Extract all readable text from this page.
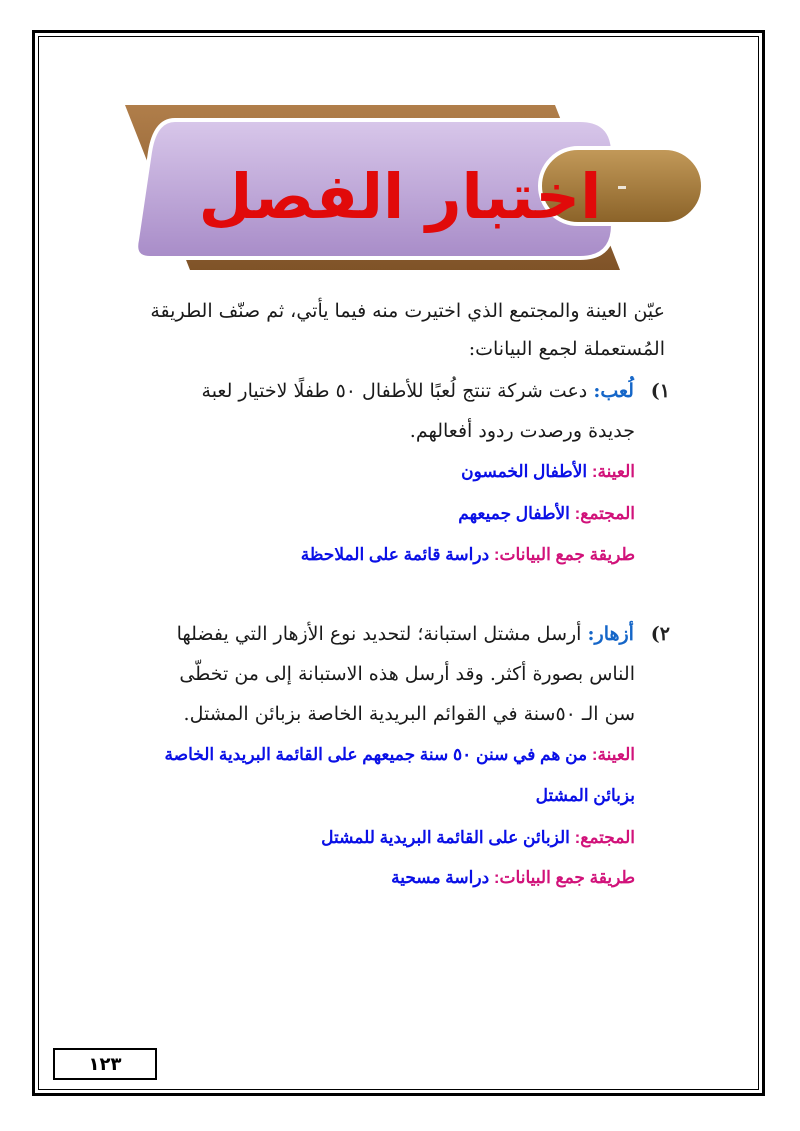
اختبار الفصل
عيّن العينة والمجتمع الذي اختيرت منه فيما يأتي، ثم صنّف الطريقة
المُستعملة لجمع البيانات:
١) لُعب: دعت شركة تنتج لُعبًا للأطفال ٥٠ طفلًا لاختيار لعبة
جديدة ورصدت ردود أفعالهم.
العينة: الأطفال الخمسون
المجتمع: الأطفال جميعهم
طريقة جمع البيانات: دراسة قائمة على الملاحظة
٢) أزهار: أرسل مشتل استبانة؛ لتحديد نوع الأزهار التي يفضلها
الناس بصورة أكثر. وقد أرسل هذه الاستبانة إلى من تخطّى
سن الـ ٥٠سنة في القوائم البريدية الخاصة بزبائن المشتل.
العينة: من هم في سنن ٥٠ سنة جميعهم على القائمة البريدية الخاصة
بزبائن المشتل
المجتمع: الزبائن على القائمة البريدية للمشتل
طريقة جمع البيانات: دراسة مسحية
١٢٣
